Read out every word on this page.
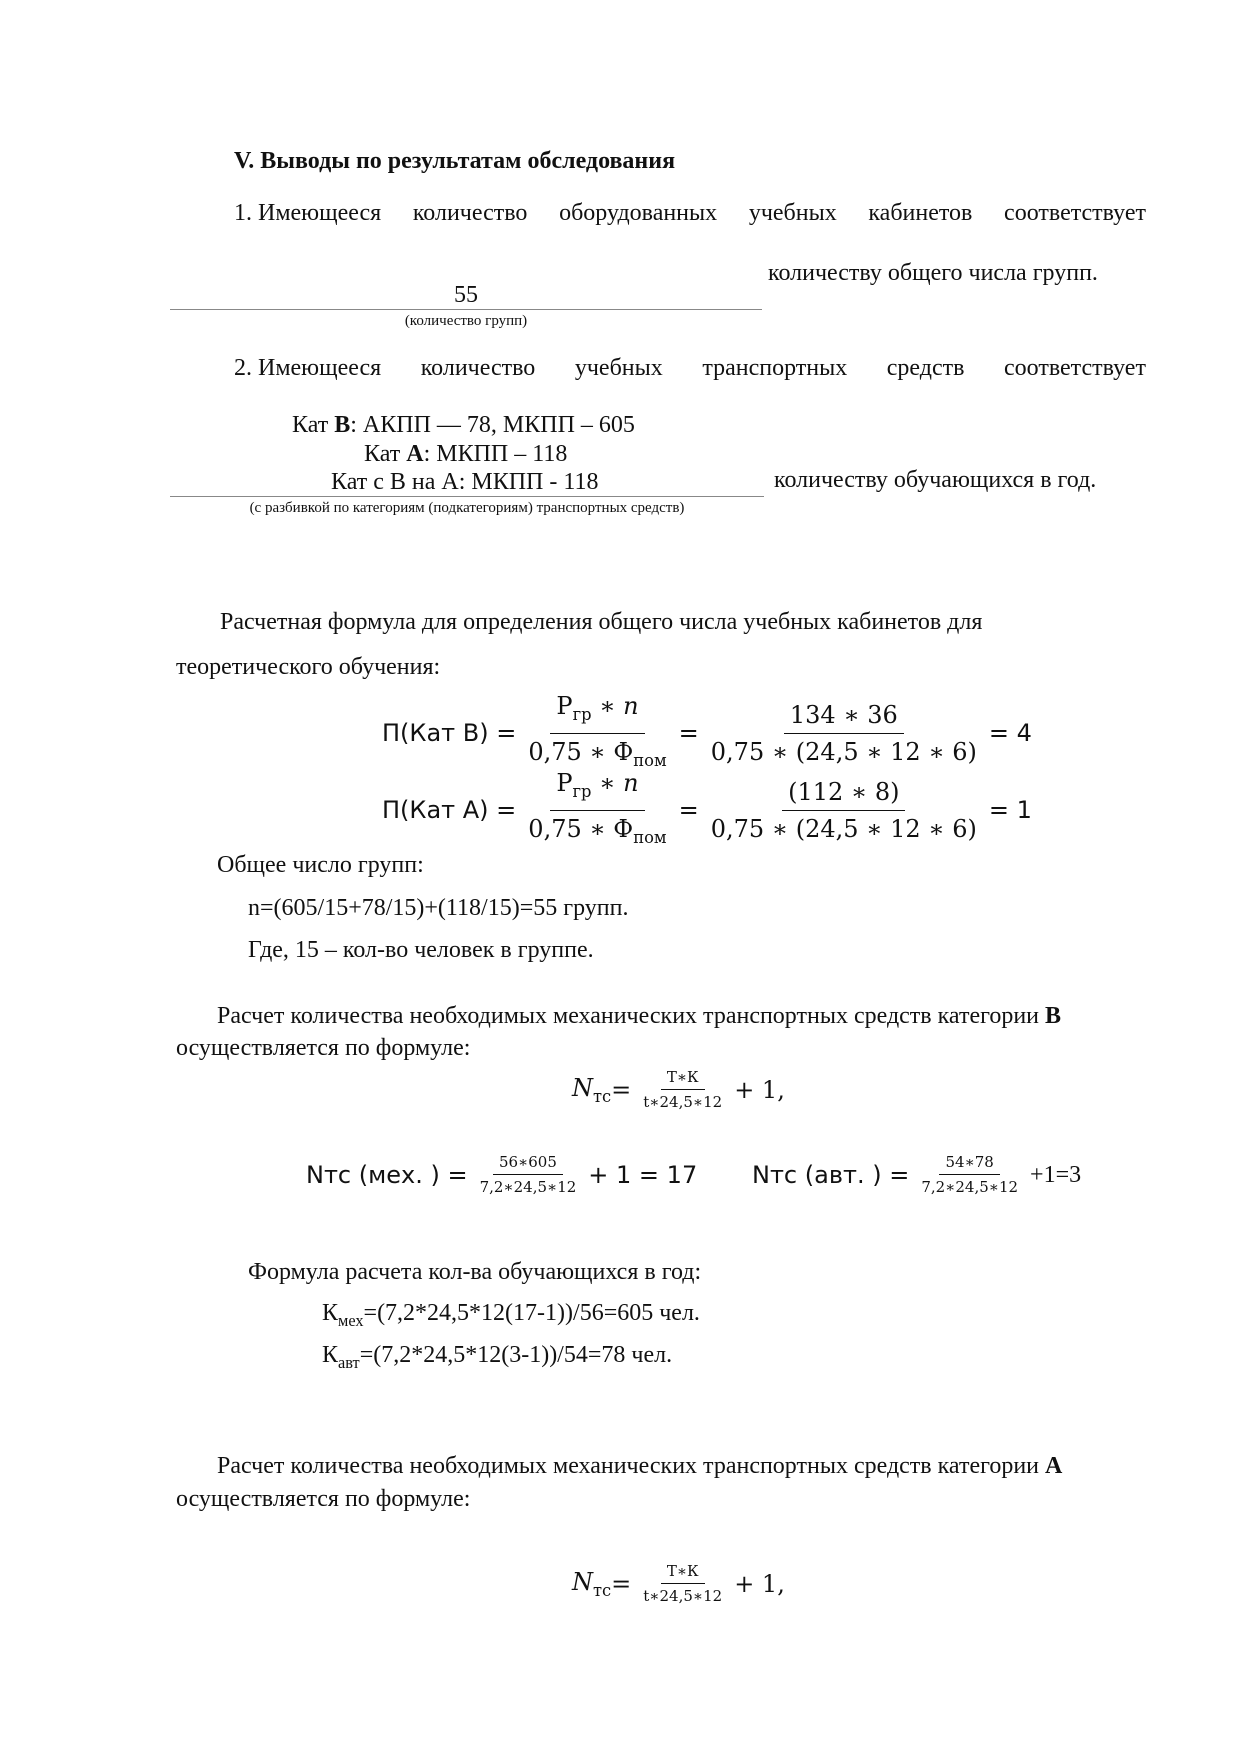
V. Выводы по результатам обследования
1. Имеющееся количество оборудованных учебных кабинетов соответствует
55
(количество групп)
количеству общего числа групп.
2. Имеющееся количество учебных транспортных средств соответствует
Кат B: АКПП — 78, МКПП – 605
Кат А: МКПП – 118
Кат с В на А: МКПП - 118
(с разбивкой по категориям (подкатегориям) транспортных средств)
количеству обучающихся в год.
Расчетная формула для определения общего числа учебных кабинетов для
теоретического обучения:
П(Кат $В) = \frac{Р_{гр} ∗ n}{0,75 ∗ Ф_{пом}} = \frac{134 ∗ 36}{0,75 ∗ (24,5 ∗ 12 ∗ 6)} = 4$
П(Кат $А) = \frac{Р_{гр} ∗ n}{0,75 ∗ Ф_{пом}} = \frac{(112 ∗ 8)}{0,75 ∗ (24,5 ∗ 12 ∗ 6)} = 1$
Общее число групп:
n=(605/15+78/15)+(118/15)=55 групп.
Где, 15 – кол-во человек в группе.
Расчет количества необходимых механических транспортных средств категории B
осуществляется по формуле:
$N_{тс} = \frac{Т∗К}{t∗24,5∗12} + 1$,
Nтс (мех. ) = $\frac{56∗605}{7,2∗24,5∗12} + 1 = 17$ Nтс (авт. ) = $\frac{54∗78}{7,2∗24,5∗12} +1=3$
Формула расчета кол-ва обучающихся в год:
$К_{мех}=(7,2*24,5*12(17-1))/56=605$ чел.
$К_{авт}=(7,2*24,5*12(3-1))/54=78$ чел.
Расчет количества необходимых механических транспортных средств категории А
осуществляется по формуле:
$N_{тс} = \frac{Т∗К}{t∗24,5∗12} + 1$,
